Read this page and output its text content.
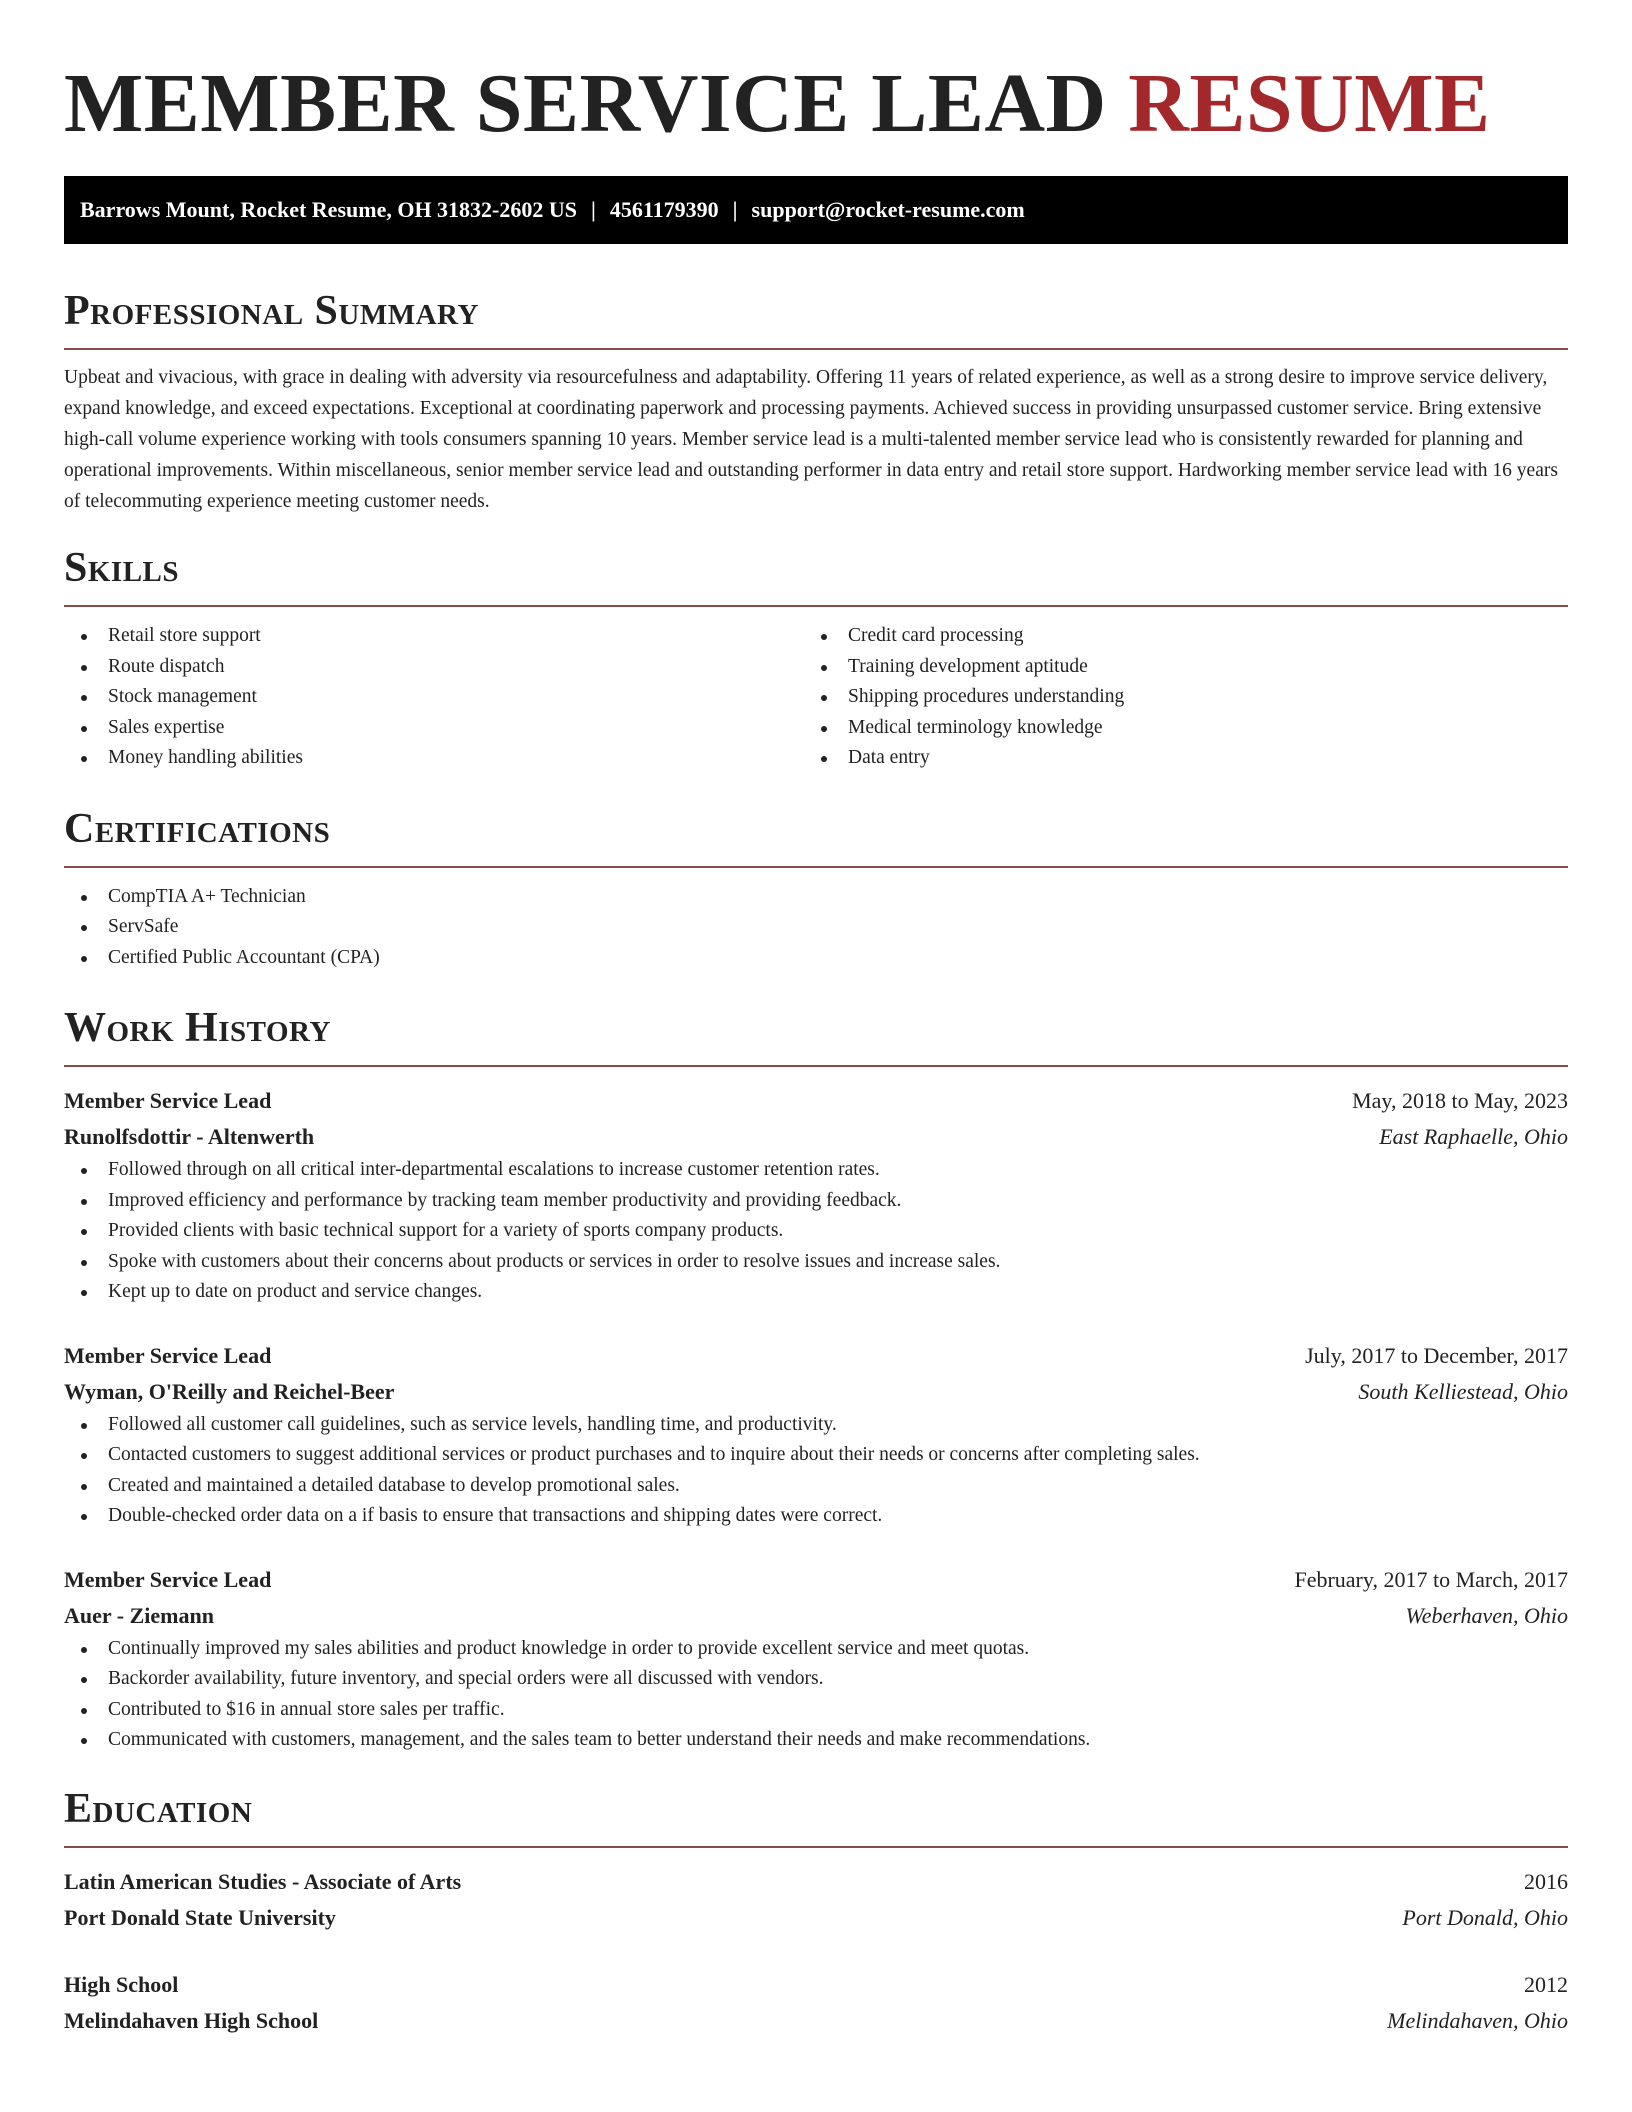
MEMBER SERVICE LEAD RESUME
Barrows Mount, Rocket Resume, OH 31832-2602 US | 4561179390 | support@rocket-resume.com
Professional Summary

Upbeat and vivacious, with grace in dealing with adversity via resourcefulness and adaptability. Offering 11 years of related experience, as well as a strong desire to improve service delivery, expand knowledge, and exceed expectations. Exceptional at coordinating paperwork and processing payments. Achieved success in providing unsurpassed customer service. Bring extensive high-call volume experience working with tools consumers spanning 10 years. Member service lead is a multi-talented member service lead who is consistently rewarded for planning and operational improvements. Within miscellaneous, senior member service lead and outstanding performer in data entry and retail store support. Hardworking member service lead with 16 years of telecommuting experience meeting customer needs.

Skills
Retail store support
Route dispatch
Stock management
Sales expertise
Money handling abilities
Credit card processing
Training development aptitude
Shipping procedures understanding
Medical terminology knowledge
Data entry
Certifications
CompTIA A+ Technician
ServSafe
Certified Public Accountant (CPA)
Work History
Member Service Lead	May, 2018 to May, 2023
Runolfsdottir - Altenwerth	East Raphaelle, Ohio
Followed through on all critical inter-departmental escalations to increase customer retention rates.
Improved efficiency and performance by tracking team member productivity and providing feedback.
Provided clients with basic technical support for a variety of sports company products.
Spoke with customers about their concerns about products or services in order to resolve issues and increase sales.
Kept up to date on product and service changes.
Member Service Lead	July, 2017 to December, 2017
Wyman, O'Reilly and Reichel-Beer	South Kelliestead, Ohio
Followed all customer call guidelines, such as service levels, handling time, and productivity.
Contacted customers to suggest additional services or product purchases and to inquire about their needs or concerns after completing sales.
Created and maintained a detailed database to develop promotional sales.
Double-checked order data on a if basis to ensure that transactions and shipping dates were correct.
Member Service Lead	February, 2017 to March, 2017
Auer - Ziemann	Weberhaven, Ohio
Continually improved my sales abilities and product knowledge in order to provide excellent service and meet quotas.
Backorder availability, future inventory, and special orders were all discussed with vendors.
Contributed to $16 in annual store sales per traffic.
Communicated with customers, management, and the sales team to better understand their needs and make recommendations.
Education
Latin American Studies - Associate of Arts	2016
Port Donald State University	Port Donald, Ohio
High School	2012
Melindahaven High School	Melindahaven, Ohio
